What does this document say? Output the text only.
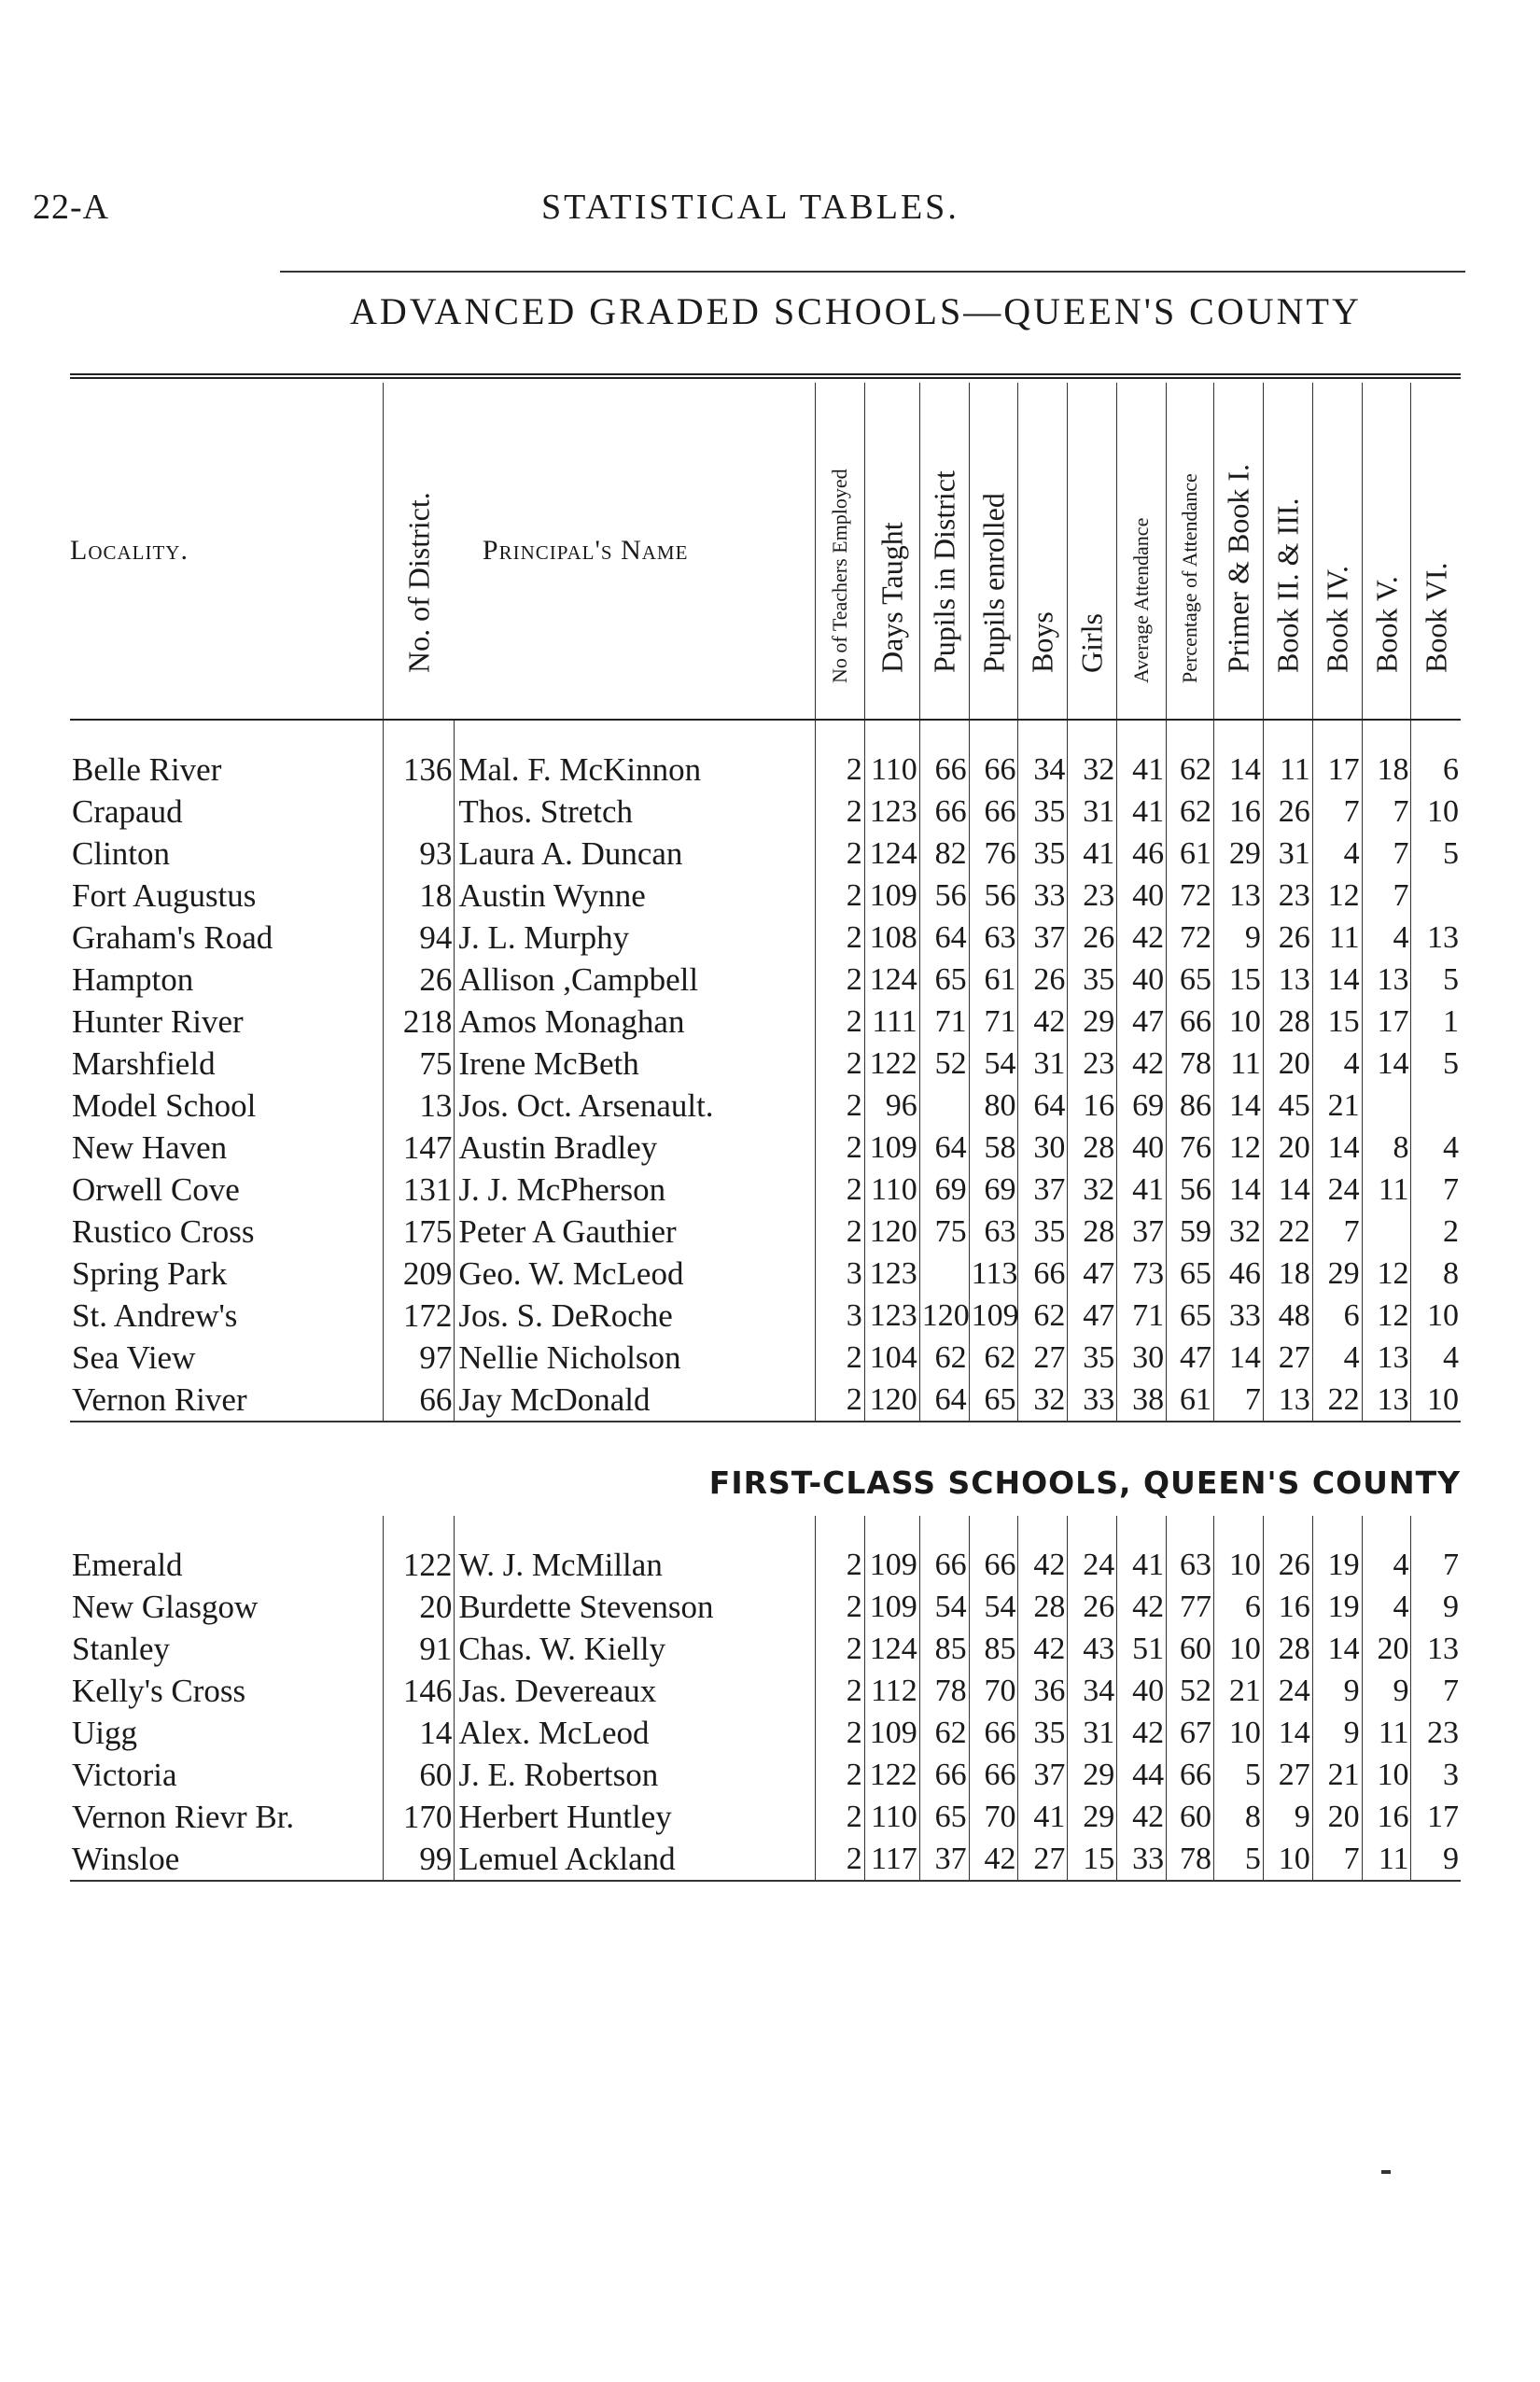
22-A	STATISTICAL TABLES.
ADVANCED GRADED SCHOOLS—QUEEN'S COUNTY

Locality.	No. of District.	Principal's Name	No of Teachers Employed	Days Taught	Pupils in District	Pupils enrolled	Boys	Girls	Average Attendance	Percentage of Attendance	Primer & Book I.	Book II. & III.	Book IV.	Book V.	Book VI.

Belle River	136	Mal. F. McKinnon	2	110	66	66	34	32	41	62	14	11	17	18	6
Crapaud		Thos. Stretch	2	123	66	66	35	31	41	62	16	26	7	7	10
Clinton	93	Laura A. Duncan	2	124	82	76	35	41	46	61	29	31	4	7	5
Fort Augustus	18	Austin Wynne	2	109	56	56	33	23	40	72	13	23	12	7	
Graham's Road	94	J. L. Murphy	2	108	64	63	37	26	42	72	9	26	11	4	13
Hampton	26	Allison ,Campbell	2	124	65	61	26	35	40	65	15	13	14	13	5
Hunter River	218	Amos Monaghan	2	111	71	71	42	29	47	66	10	28	15	17	1
Marshfield	75	Irene McBeth	2	122	52	54	31	23	42	78	11	20	4	14	5
Model School	13	Jos. Oct. Arsenault.	2	96		80	64	16	69	86	14	45	21		
New Haven	147	Austin Bradley	2	109	64	58	30	28	40	76	12	20	14	8	4
Orwell Cove	131	J. J. McPherson	2	110	69	69	37	32	41	56	14	14	24	11	7
Rustico Cross	175	Peter A Gauthier	2	120	75	63	35	28	37	59	32	22	7		2
Spring Park	209	Geo. W. McLeod	3	123		113	66	47	73	65	46	18	29	12	8
St. Andrew's	172	Jos. S. DeRoche	3	123	120	109	62	47	71	65	33	48	6	12	10
Sea View	97	Nellie Nicholson	2	104	62	62	27	35	30	47	14	27	4	13	4
Vernon River	66	Jay McDonald	2	120	64	65	32	33	38	61	7	13	22	13	10
FIRST-CLASS SCHOOLS, QUEEN'S COUNTY															
Emerald	122	W. J. McMillan	2	109	66	66	42	24	41	63	10	26	19	4	7
New Glasgow	20	Burdette Stevenson	2	109	54	54	28	26	42	77	6	16	19	4	9
Stanley	91	Chas. W. Kielly	2	124	85	85	42	43	51	60	10	28	14	20	13
Kelly's Cross	146	Jas. Devereaux	2	112	78	70	36	34	40	52	21	24	9	9	7
Uigg	14	Alex. McLeod	2	109	62	66	35	31	42	67	10	14	9	11	23
Victoria	60	J. E. Robertson	2	122	66	66	37	29	44	66	5	27	21	10	3
Vernon Rievr Br.	170	Herbert Huntley	2	110	65	70	41	29	42	60	8	9	20	16	17
Winsloe	99	Lemuel Ackland	2	117	37	42	27	15	33	78	5	10	7	11	9
